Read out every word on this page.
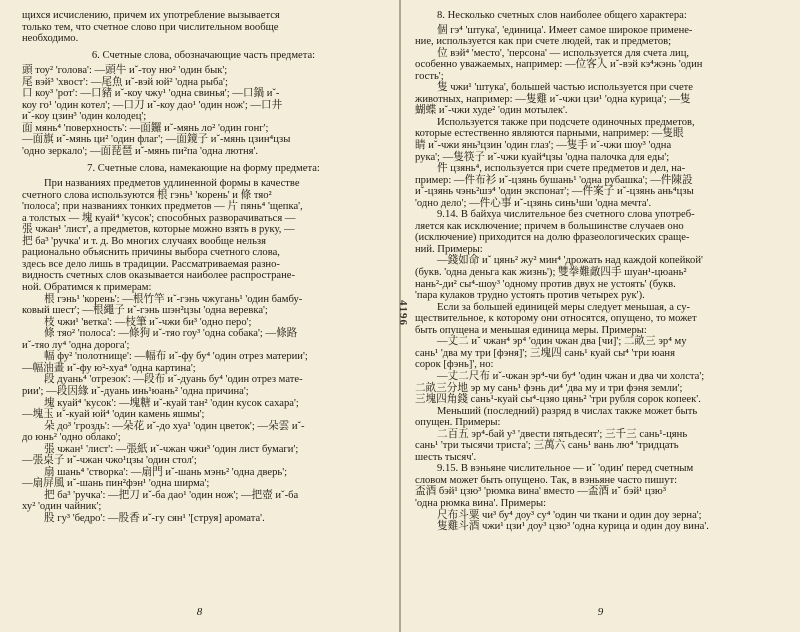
щихся исчислению, причем их употребление вызывается

только тем, что счетное слово при числительном вообще

необходимо.

6. Счетные слова, обозначающие часть предмета:

頭 тоу² 'голова': —頭牛 иˇ-тоу ню² 'один бык';

尾 вэй³ 'хвост': —尾魚 иˇ-вэй юй² 'одна рыба';

口 коу³ 'рот': —口豬 иˇ-коу чжу¹ 'одна свинья'; —口鍋 иˇ-

коу го¹ 'один котел'; —口刀 иˇ-коу дао¹ 'один нож'; —口井

иˇ-коу цзин³ 'один колодец';

面 мянь⁴ 'поверхность': —面鑼 иˇ-мянь ло² 'один гонг';

—面旗 иˇ-мянь ци² 'один флаг'; —面鏡子 иˇ-мянь цзин⁴цзы

'одно зеркало'; —面琵琶 иˇ-мянь пи²па 'одна лютня'.

7. Счетные слова, намекающие на форму предмета:

При названиях предметов удлиненной формы в качестве

счетного слова используются 根 гэнь¹ 'корень' и 條 тяо²

'полоса'; при названиях тонких предметов — 片 пянь⁴ 'щепка',

а толстых — 塊 куай⁴ 'кусок'; способных разворачиваться —

張 чжан¹ 'лист', а предметов, которые можно взять в руку, —

把 ба³ 'ручка' и т. д. Во многих случаях вообще нельзя

рационально объяснить причины выбора счетного слова,

здесь все дело лишь в традиции. Рассматриваемая разно-

видность счетных слов оказывается наиболее распростране-

ной. Обратимся к примерам:

根 гэнь¹ 'корень': —根竹竿 иˇ-гэнь чжугань¹ 'один бамбу-

ковый шест'; —根繩子 иˇ-гэнь шэн²цзы 'одна веревка';

枝 чжи¹ 'ветка': —枝筆 иˇ-чжи би³ 'одно перо';

條 тяо² 'полоса': —條狗 иˇ-тяо гоу³ 'одна собака'; —條路

иˇ-тяо лу⁴ 'одна дорога';

幅 фу² 'полотнище': —幅布 иˇ-фу бу⁴ 'один отрез материи';

—幅油畫 иˇ-фу ю²-хуа⁴ 'одна картина';

段 дуань⁴ 'отрезок': —段布 иˇ-дуань бу⁴ 'один отрез мате-

рии'; —段因緣 иˇ-дуань инь¹юань² 'одна причина';

塊 куай⁴ 'кусок': —塊糖 иˇ-куай тан² 'один кусок сахара';

—塊玉 иˇ-куай юй⁴ 'один камень яшмы';

朵 до³ 'гроздь': —朵花 иˇ-до хуа¹ 'один цветок'; —朵雲 иˇ-

до юнь² 'одно облако';

張 чжан¹ 'лист': —張紙 иˇ-чжан чжи³ 'один лист бумаги';

—張桌子 иˇ-чжан чжо¹цзы 'один стол';

扇 шань⁴ 'створка': —扇門 иˇ-шань мэнь² 'одна дверь';

—扇屏風 иˇ-шань пин²фэн¹ 'одна ширма';

把 ба³ 'ручка': —把刀 иˇ-ба дао¹ 'один нож'; —把壺 иˇ-ба

ху² 'один чайник';

股 гу³ 'бедро': —股香 иˇ-гу сян¹ '[струя] аромата'.

8

8. Несколько счетных слов наиболее общего характера:

個 гэ⁴ 'штука', 'единица'. Имеет самое широкое примене-

ние, используется как при счете людей, так и предметов;

位 вэй⁴ 'место', 'персона' — используется для счета лиц,

особенно уважаемых, например: —位客人 иˇ-вэй кэ⁴жэнь 'один

гость';

隻 чжи¹ 'штука', большей частью используется при счете

животных, например: —隻雞 иˇ-чжи цзи¹ 'одна курица'; —隻

蝴蝶 иˇ-чжи худе² 'один мотылек'.

Используется также при подсчете одиночных предметов,

которые естественно являются парными, например: —隻眼

睛 иˇ-чжи янь³цзин 'один глаз'; —隻手 иˇ-чжи шоу³ 'одна

рука'; —隻筷子 иˇ-чжи куай⁴цзы 'одна палочка для еды';

件 цзянь⁴, используется при счете предметов и дел, на-

пример: —件布衫 иˇ-цзянь бушань¹ 'одна рубашка'; —件陳設

иˇ-цзянь чэнь²шэ⁴ 'один экспонат'; —件案子 иˇ-цзянь ань⁴цзы

'одно дело'; —件心事 иˇ-цзянь синь¹ши 'одна мечта'.

9.14. В байхуа числительное без счетного слова употреб-

ляется как исключение; причем в большинстве случаев оно

(исключение) приходится на долю фразеологических сраще-

ний. Примеры:

—錢如命 иˇ цянь² жу² мин⁴ 'дрожать над каждой копейкой'

(букв. 'одна деньга как жизнь'); 雙拳難敵四手 шуан¹-цюань²

нань²-ди² сы⁴-шоу³ 'одному против двух не устоять' (букв.

'пара кулаков трудно устоять против четырех рук').

Если за большей единицей меры следует меньшая, а су-

ществительное, к которому они относятся, опущено, то может

быть опущена и меньшая единица меры. Примеры:

—丈二 иˇ чжан⁴ эр⁴ 'один чжан два [чи]'; 二畝三 эр⁴ му

сань¹ 'два му три [фэня]'; 三塊四 сань¹ куай сы⁴ 'три юаня

сорок [фэнь]', но:

—丈二尺布 иˇ-чжан эр⁴-чи бу⁴ 'один чжан и два чи холста';

二畝三分地 эр му сань¹ фэнь ди⁴ 'два му и три фэня земли';

三塊四角錢 сань¹-куай сы⁴-цзяо цянь² 'три рубля сорок копеек'.

Меньший (последний) разряд в числах также может быть

опущен. Примеры:

二百五 эр⁴-бай у³ 'двести пятьдесят'; 三千三 сань¹-цянь

сань¹ 'три тысячи триста'; 三萬六 сань¹ вань лю⁴ 'тридцать

шесть тысяч'.

9.15. В вэньяне числительное — иˇ 'один' перед счетным

словом может быть опущено. Так, в вэньяне часто пишут:

盃酒 бэй¹ цзю³ 'рюмка вина' вместо —盃酒 иˇ бэй¹ цзю³

'одна рюмка вина'. Примеры:

尺布斗粟 чи³ бу⁴ доу³ су⁴ 'один чи ткани и один доу зерна';

隻雞斗酒 чжи¹ цзи¹ доу³ цзю³ 'одна курица и один доу вина'.

9
4196
